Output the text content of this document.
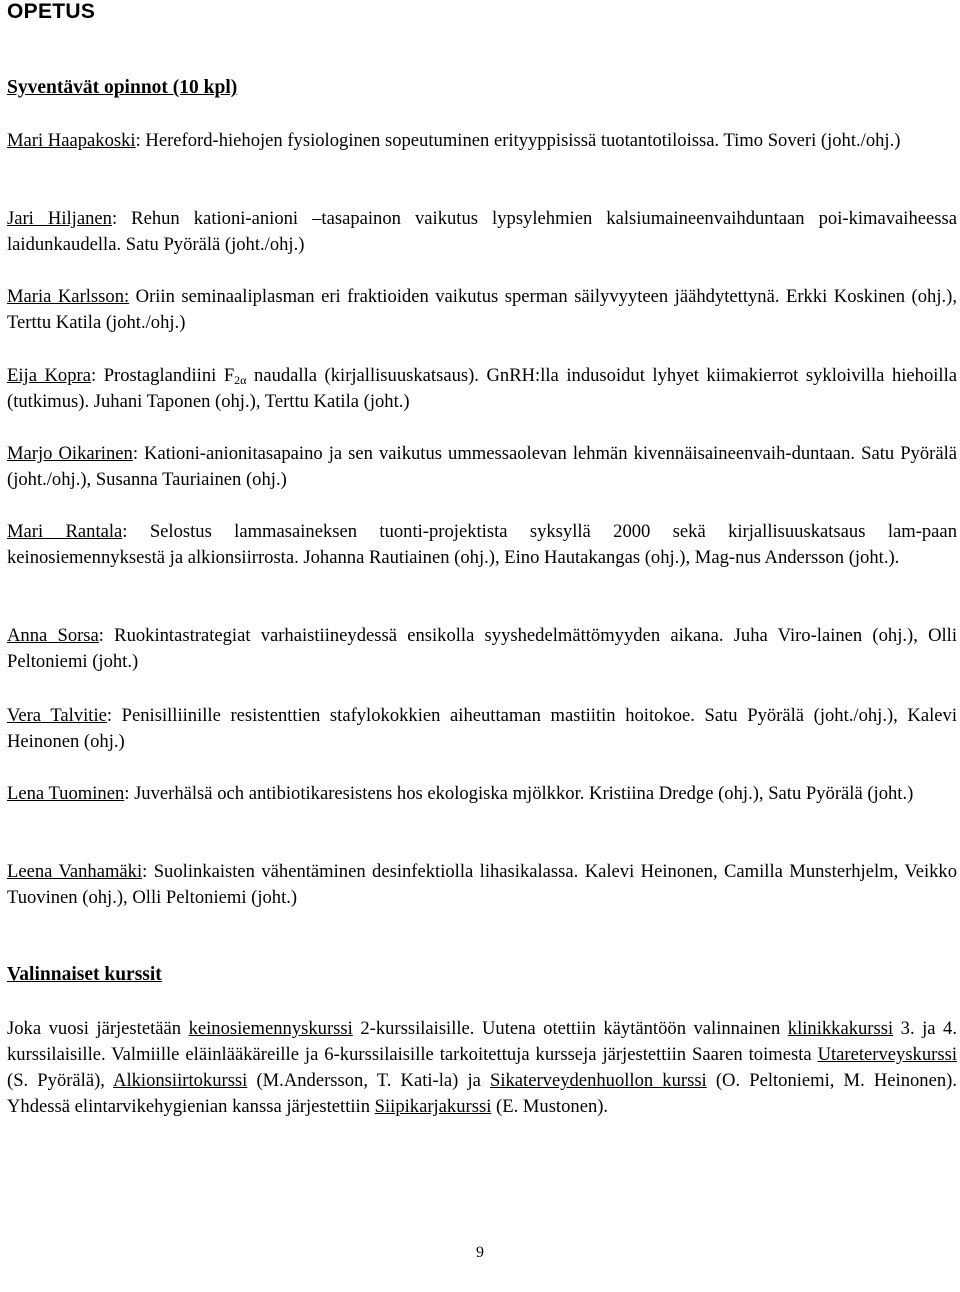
OPETUS
Syventävät opinnot (10 kpl)

Mari Haapakoski: Hereford-hiehojen fysiologinen sopeutuminen erityyppisissä tuotantotiloissa. Timo Soveri (joht./ohj.)

Jari Hiljanen: Rehun kationi-anioni –tasapainon vaikutus lypsylehmien kalsiumaineenvaihduntaan poi-kimavaiheessa laidunkaudella. Satu Pyörälä (joht./ohj.)

Maria Karlsson: Oriin seminaaliplasman eri fraktioiden vaikutus sperman säilyvyyteen jäähdytettynä. Erkki Koskinen (ohj.), Terttu Katila (joht./ohj.)

Eija Kopra: Prostaglandiini $F_{2\alpha}$ naudalla (kirjallisuuskatsaus). GnRH:lla indusoidut lyhyet kiimakierrot sykloivilla hiehoilla (tutkimus). Juhani Taponen (ohj.), Terttu Katila (joht.)

Marjo Oikarinen: Kationi-anionitasapaino ja sen vaikutus ummessaolevan lehmän kivennäisaineenvaih-duntaan. Satu Pyörälä (joht./ohj.), Susanna Tauriainen (ohj.)

Mari Rantala: Selostus lammasaineksen tuonti-projektista syksyllä 2000 sekä kirjallisuuskatsaus lam-paan keinosiemennyksestä ja alkionsiirrosta. Johanna Rautiainen (ohj.), Eino Hautakangas (ohj.), Mag-nus Andersson (joht.).

Anna Sorsa: Ruokintastrategiat varhaistiineydessä ensikolla syyshedelmättömyyden aikana. Juha Viro-lainen (ohj.), Olli Peltoniemi (joht.)

Vera Talvitie: Penisilliinille resistenttien stafylokokkien aiheuttaman mastiitin hoitokoe. Satu Pyörälä (joht./ohj.), Kalevi Heinonen (ohj.)

Lena Tuominen: Juverhälsä och antibiotikaresistens hos ekologiska mjölkkor. Kristiina Dredge (ohj.), Satu Pyörälä (joht.)

Leena Vanhamäki: Suolinkaisten vähentäminen desinfektiolla lihasikalassa. Kalevi Heinonen, Camilla Munsterhjelm, Veikko Tuovinen (ohj.), Olli Peltoniemi (joht.)

Valinnaiset kurssit

Joka vuosi järjestetään keinosiemennyskurssi 2-kurssilaisille. Uutena otettiin käytäntöön valinnainen klinikkakurssi 3. ja 4. kurssilaisille. Valmiille eläinlääkäreille ja 6-kurssilaisille tarkoitettuja kursseja järjestettiin Saaren toimesta Utareterveyskurssi (S. Pyörälä), Alkionsiirtokurssi (M.Andersson, T. Kati-la) ja Sikaterveydenhuollon kurssi (O. Peltoniemi, M. Heinonen). Yhdessä elintarvikehygienian kanssa järjestettiin Siipikarjakurssi (E. Mustonen).

9
